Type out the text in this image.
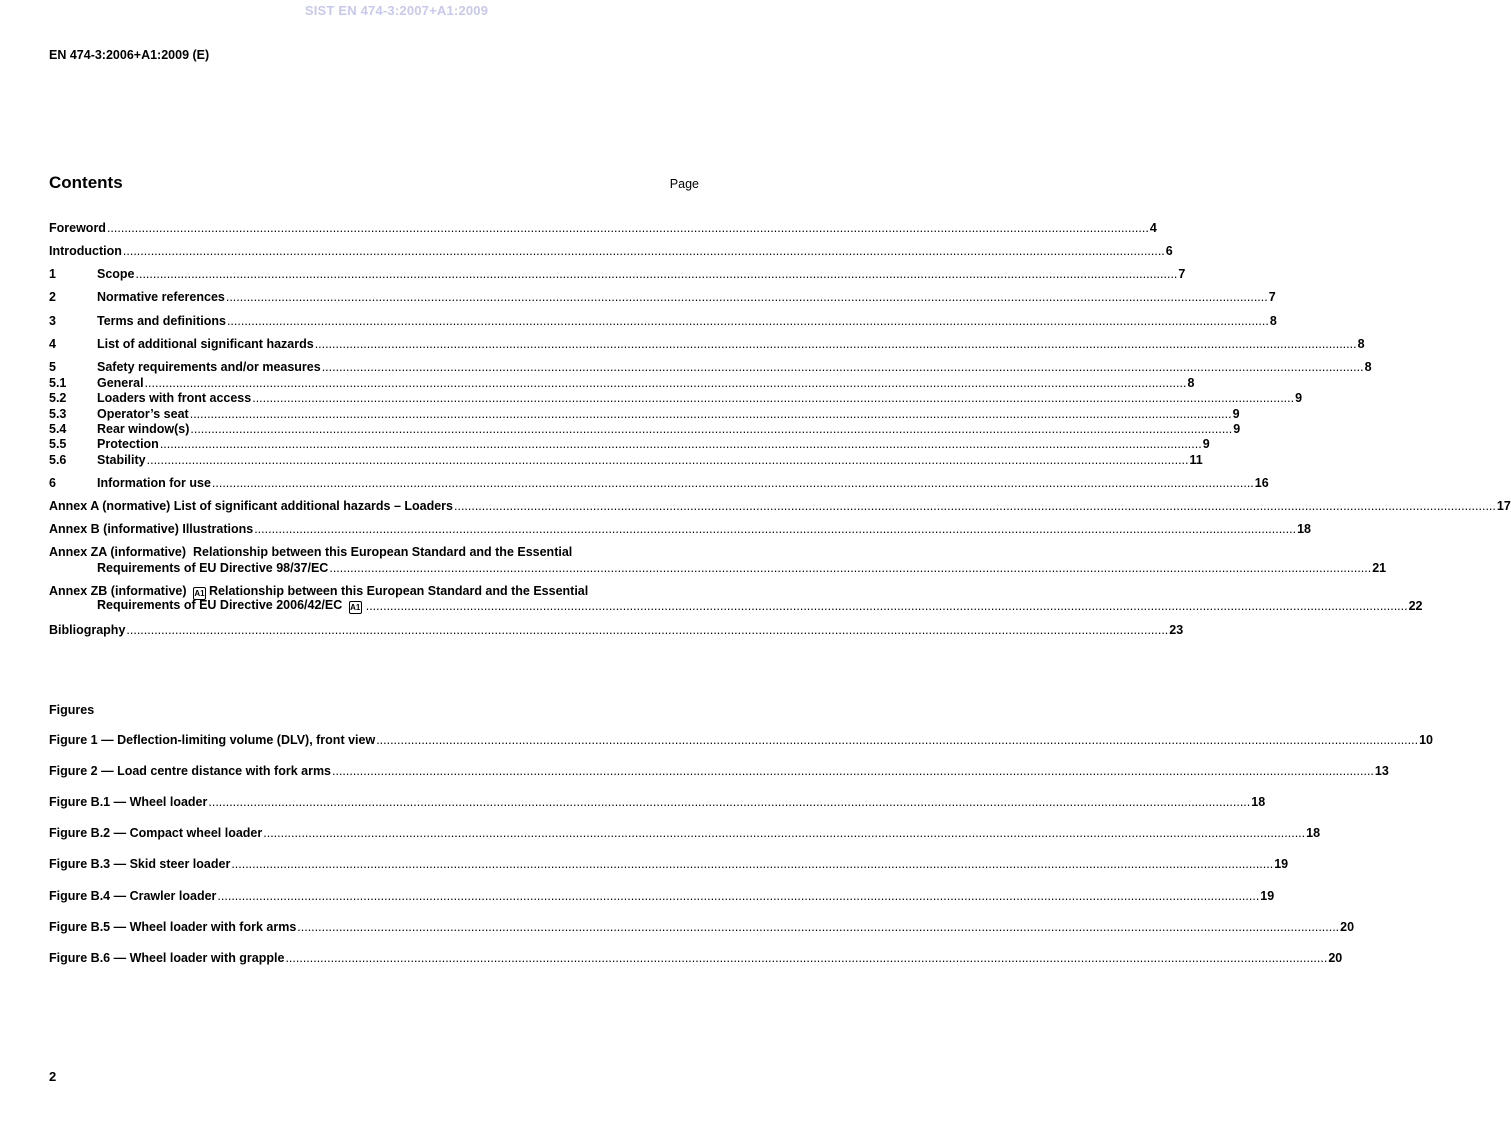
SIST EN 474-3:2007+A1:2009
EN 474-3:2006+A1:2009 (E)
Contents	Page
Foreword ............................................................................................................................................................................................................................................................................................................ 4
Introduction ............................................................................................................................................................................................................................................................................................................ 6
1	Scope ............................................................................................................................................................................................................................................................................................................ 7
2	Normative references ............................................................................................................................................................................................................................................................................................................ 7
3	Terms and definitions ............................................................................................................................................................................................................................................................................................................ 8
4	List of additional significant hazards ............................................................................................................................................................................................................................................................................................................ 8
5	Safety requirements and/or measures ............................................................................................................................................................................................................................................................................................................ 8
5.1	General ............................................................................................................................................................................................................................................................................................................ 8
5.2	Loaders with front access ............................................................................................................................................................................................................................................................................................................ 9
5.3	Operator’s seat ............................................................................................................................................................................................................................................................................................................ 9
5.4	Rear window(s) ............................................................................................................................................................................................................................................................................................................ 9
5.5	Protection ............................................................................................................................................................................................................................................................................................................ 9
5.6	Stability ............................................................................................................................................................................................................................................................................................................ 11
6	Information for use ............................................................................................................................................................................................................................................................................................................ 16
Annex A (normative) List of significant additional hazards – Loaders ............................................................................................................................................................................................................................................................................................................ 17
Annex B (informative) Illustrations ............................................................................................................................................................................................................................................................................................................ 18
Annex ZA (informative) Relationship between this European Standard and the Essential
Requirements of EU Directive 98/37/EC ............................................................................................................................................................................................................................................................................................................ 21
Annex ZB (informative) A1 Relationship between this European Standard and the Essential
Requirements of EU Directive 2006/42/EC A1 ............................................................................................................................................................................................................................................................................................................ 22
Bibliography ............................................................................................................................................................................................................................................................................................................ 23
Figures
Figure 1 — Deflection-limiting volume (DLV), front view ............................................................................................................................................................................................................................................................................................................ 10
Figure 2 — Load centre distance with fork arms ............................................................................................................................................................................................................................................................................................................ 13
Figure B.1 — Wheel loader ............................................................................................................................................................................................................................................................................................................ 18
Figure B.2 — Compact wheel loader ............................................................................................................................................................................................................................................................................................................ 18
Figure B.3 — Skid steer loader ............................................................................................................................................................................................................................................................................................................ 19
Figure B.4 — Crawler loader ............................................................................................................................................................................................................................................................................................................ 19
Figure B.5 — Wheel loader with fork arms ............................................................................................................................................................................................................................................................................................................ 20
Figure B.6 — Wheel loader with grapple ............................................................................................................................................................................................................................................................................................................ 20
2
